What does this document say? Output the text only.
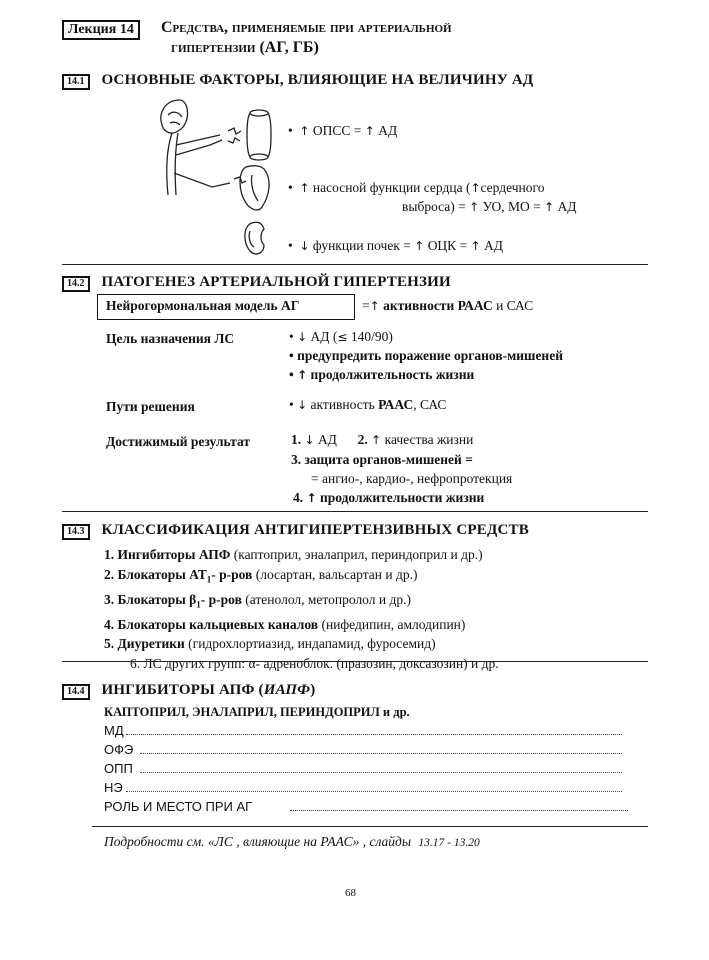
Лекция 14	Средства, применяемые при артериальной
гипертензии (АГ, ГБ)
14.1 ОСНОВНЫЕ ФАКТОРЫ, ВЛИЯЮЩИЕ НА ВЕЛИЧИНУ АД
•  ↑ ОПСС = ↑ АД
•  ↑ насосной функции сердца (↑сердечного
выброса) = ↑ УО, МО = ↑ АД
•  ↓ функции почек = ↑ ОЦК = ↑ АД
14.2 ПАТОГЕНЕЗ АРТЕРИАЛЬНОЙ ГИПЕРТЕНЗИИ
Нейрогормональная модель АГ	=↑ активности РААС и САС
Цель назначения ЛС	• ↓ АД (≤ 140/90)
• предупредить поражение органов-мишеней
• ↑ продолжительность жизни
Пути решения	• ↓ активность РААС, САС
Достижимый результат	1. ↓ АД 2. ↑ качества жизни
3. защита органов-мишеней =
= ангио-, кардио-, нефропротекция
4. ↑ продолжительности жизни
14.3 КЛАССИФИКАЦИЯ АНТИГИПЕРТЕНЗИВНЫХ СРЕДСТВ
1. Ингибиторы АПФ (каптоприл, эналаприл, периндоприл и др.)
2. Блокаторы $АТ_1-$ р-ров (лосартан, вальсартан и др.)
3. Блокаторы $\beta_1-$ р-ров (атенолол, метопролол и др.)
4. Блокаторы кальциевых каналов (нифедипин, амлодипин)
5. Диуретики (гидрохлортиазид, индапамид, фуросемид)
6. ЛС других групп: α- адреноблок. (празозин, доксазозин) и др.
14.4 ИНГИБИТОРЫ АПФ (ИАПФ)
КАПТОПРИЛ, ЭНАЛАПРИЛ, ПЕРИНДОПРИЛ и др.
МД
ОФЭ
ОПП
НЭ
РОЛЬ И МЕСТО ПРИ АГ
Подробности см. «ЛС , влияющие на РААС» , слайды 13.17 - 13.20
68
